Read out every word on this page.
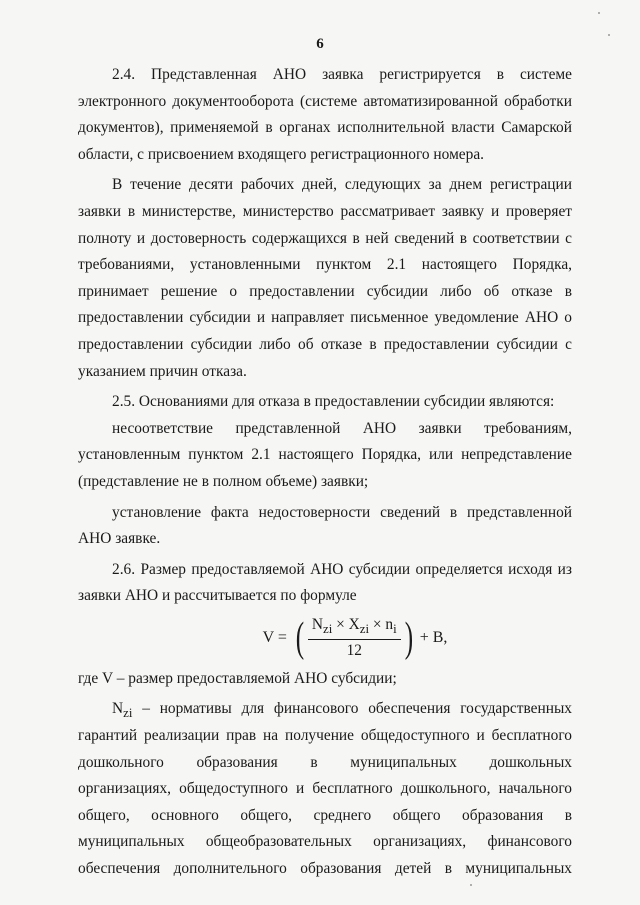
6
2.4. Представленная АНО заявка регистрируется в системе
электронного документооборота (системе автоматизированной обработки
документов), применяемой в органах исполнительной власти Самарской
области, с присвоением входящего регистрационного номера.
В течение десяти рабочих дней, следующих за днем регистрации
заявки в министерстве, министерство рассматривает заявку и проверяет
полноту и достоверность содержащихся в ней сведений в соответствии с
требованиями, установленными пунктом 2.1 настоящего Порядка,
принимает решение о предоставлении субсидии либо об отказе в
предоставлении субсидии и направляет письменное уведомление АНО о
предоставлении субсидии либо об отказе в предоставлении субсидии с
указанием причин отказа.
2.5. Основаниями для отказа в предоставлении субсидии являются:
несоответствие представленной АНО заявки требованиям,
установленным пунктом 2.1 настоящего Порядка, или непредставление
(представление не в полном объеме) заявки;
установление факта недостоверности сведений в представленной
АНО заявке.
2.6. Размер предоставляемой АНО субсидии определяется исходя из
заявки АНО и рассчитывается по формуле
V = ( $\frac{N_{zi} \times X_{zi} \times n_i}{12}$ ) + B,
где V – размер предоставляемой АНО субсидии;
$N_{zi}$ – нормативы для финансового обеспечения государственных
гарантий реализации прав на получение общедоступного и бесплатного
дошкольного образования в муниципальных дошкольных
организациях, общедоступного и бесплатного дошкольного, начального
общего, основного общего, среднего общего образования в
муниципальных общеобразовательных организациях, финансового
обеспечения дополнительного образования детей в муниципальных
